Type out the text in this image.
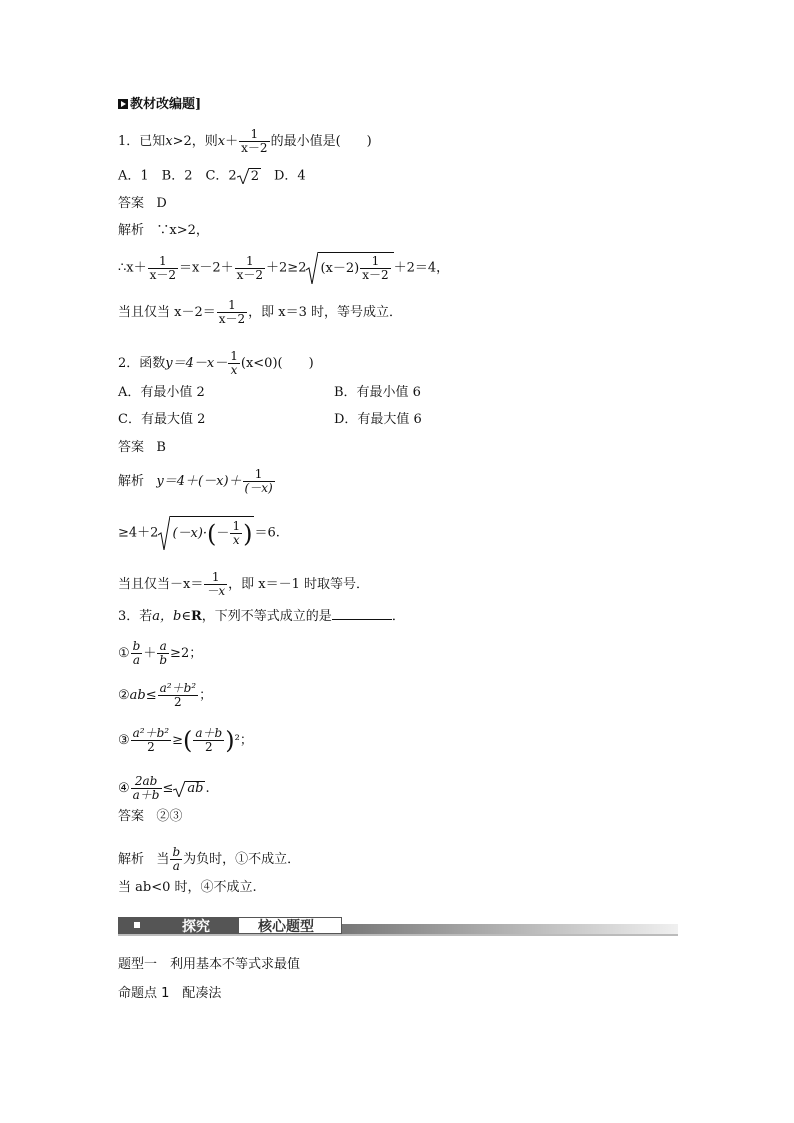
教材改编题]
1．已知x>2，则$x+ \frac{1}{x-2}$ 的最小值是(　　)
A．1　B．2　C．2 2 　D．4
答案 D
解析 ∵x>2，
∴x＋ $\frac{1}{x-2} =x-2+ \frac{1}{x-2} +2\ge 2$ $(x-2) \frac{1}{x-2} +2=4$，
当且仅当 $x-2= \frac{1}{x-2}$ ，即 x＝3 时，等号成立．
2．函数$y=4-x- \frac{1}{x} (x<0)$(　　)
A．有最小值 2	B．有最小值 6
C．有最大值 2	D．有最大值 6
答案 B
解析 $y=4+(-x)+ \frac{1}{(-x)}$
≥4＋2 (－x)· ( － $\frac{1}{x}$ ) ＝6.
当且仅当$-x= \frac{1}{-x}$ ，即 x＝－1 时取等号．
3．若a，b∈R，下列不等式成立的是	．
① $\frac{b}{a} + \frac{a}{b} \ge 2$；
②ab≤ $\frac{\text{a²＋b²}}{2}$ ；
③ $\frac{\text{a²＋b²}}{2}$ ≥( $\frac{a+b}{2} )^2$；
④ $\frac{2ab}{a+b}$ ≤ ab .
答案 ②③
解析 当 $\frac{b}{a}$ 为负时，①不成立．
当 ab<0 时，④不成立.
探究	核心题型
题型一　利用基本不等式求最值
命题点 1　配凑法
